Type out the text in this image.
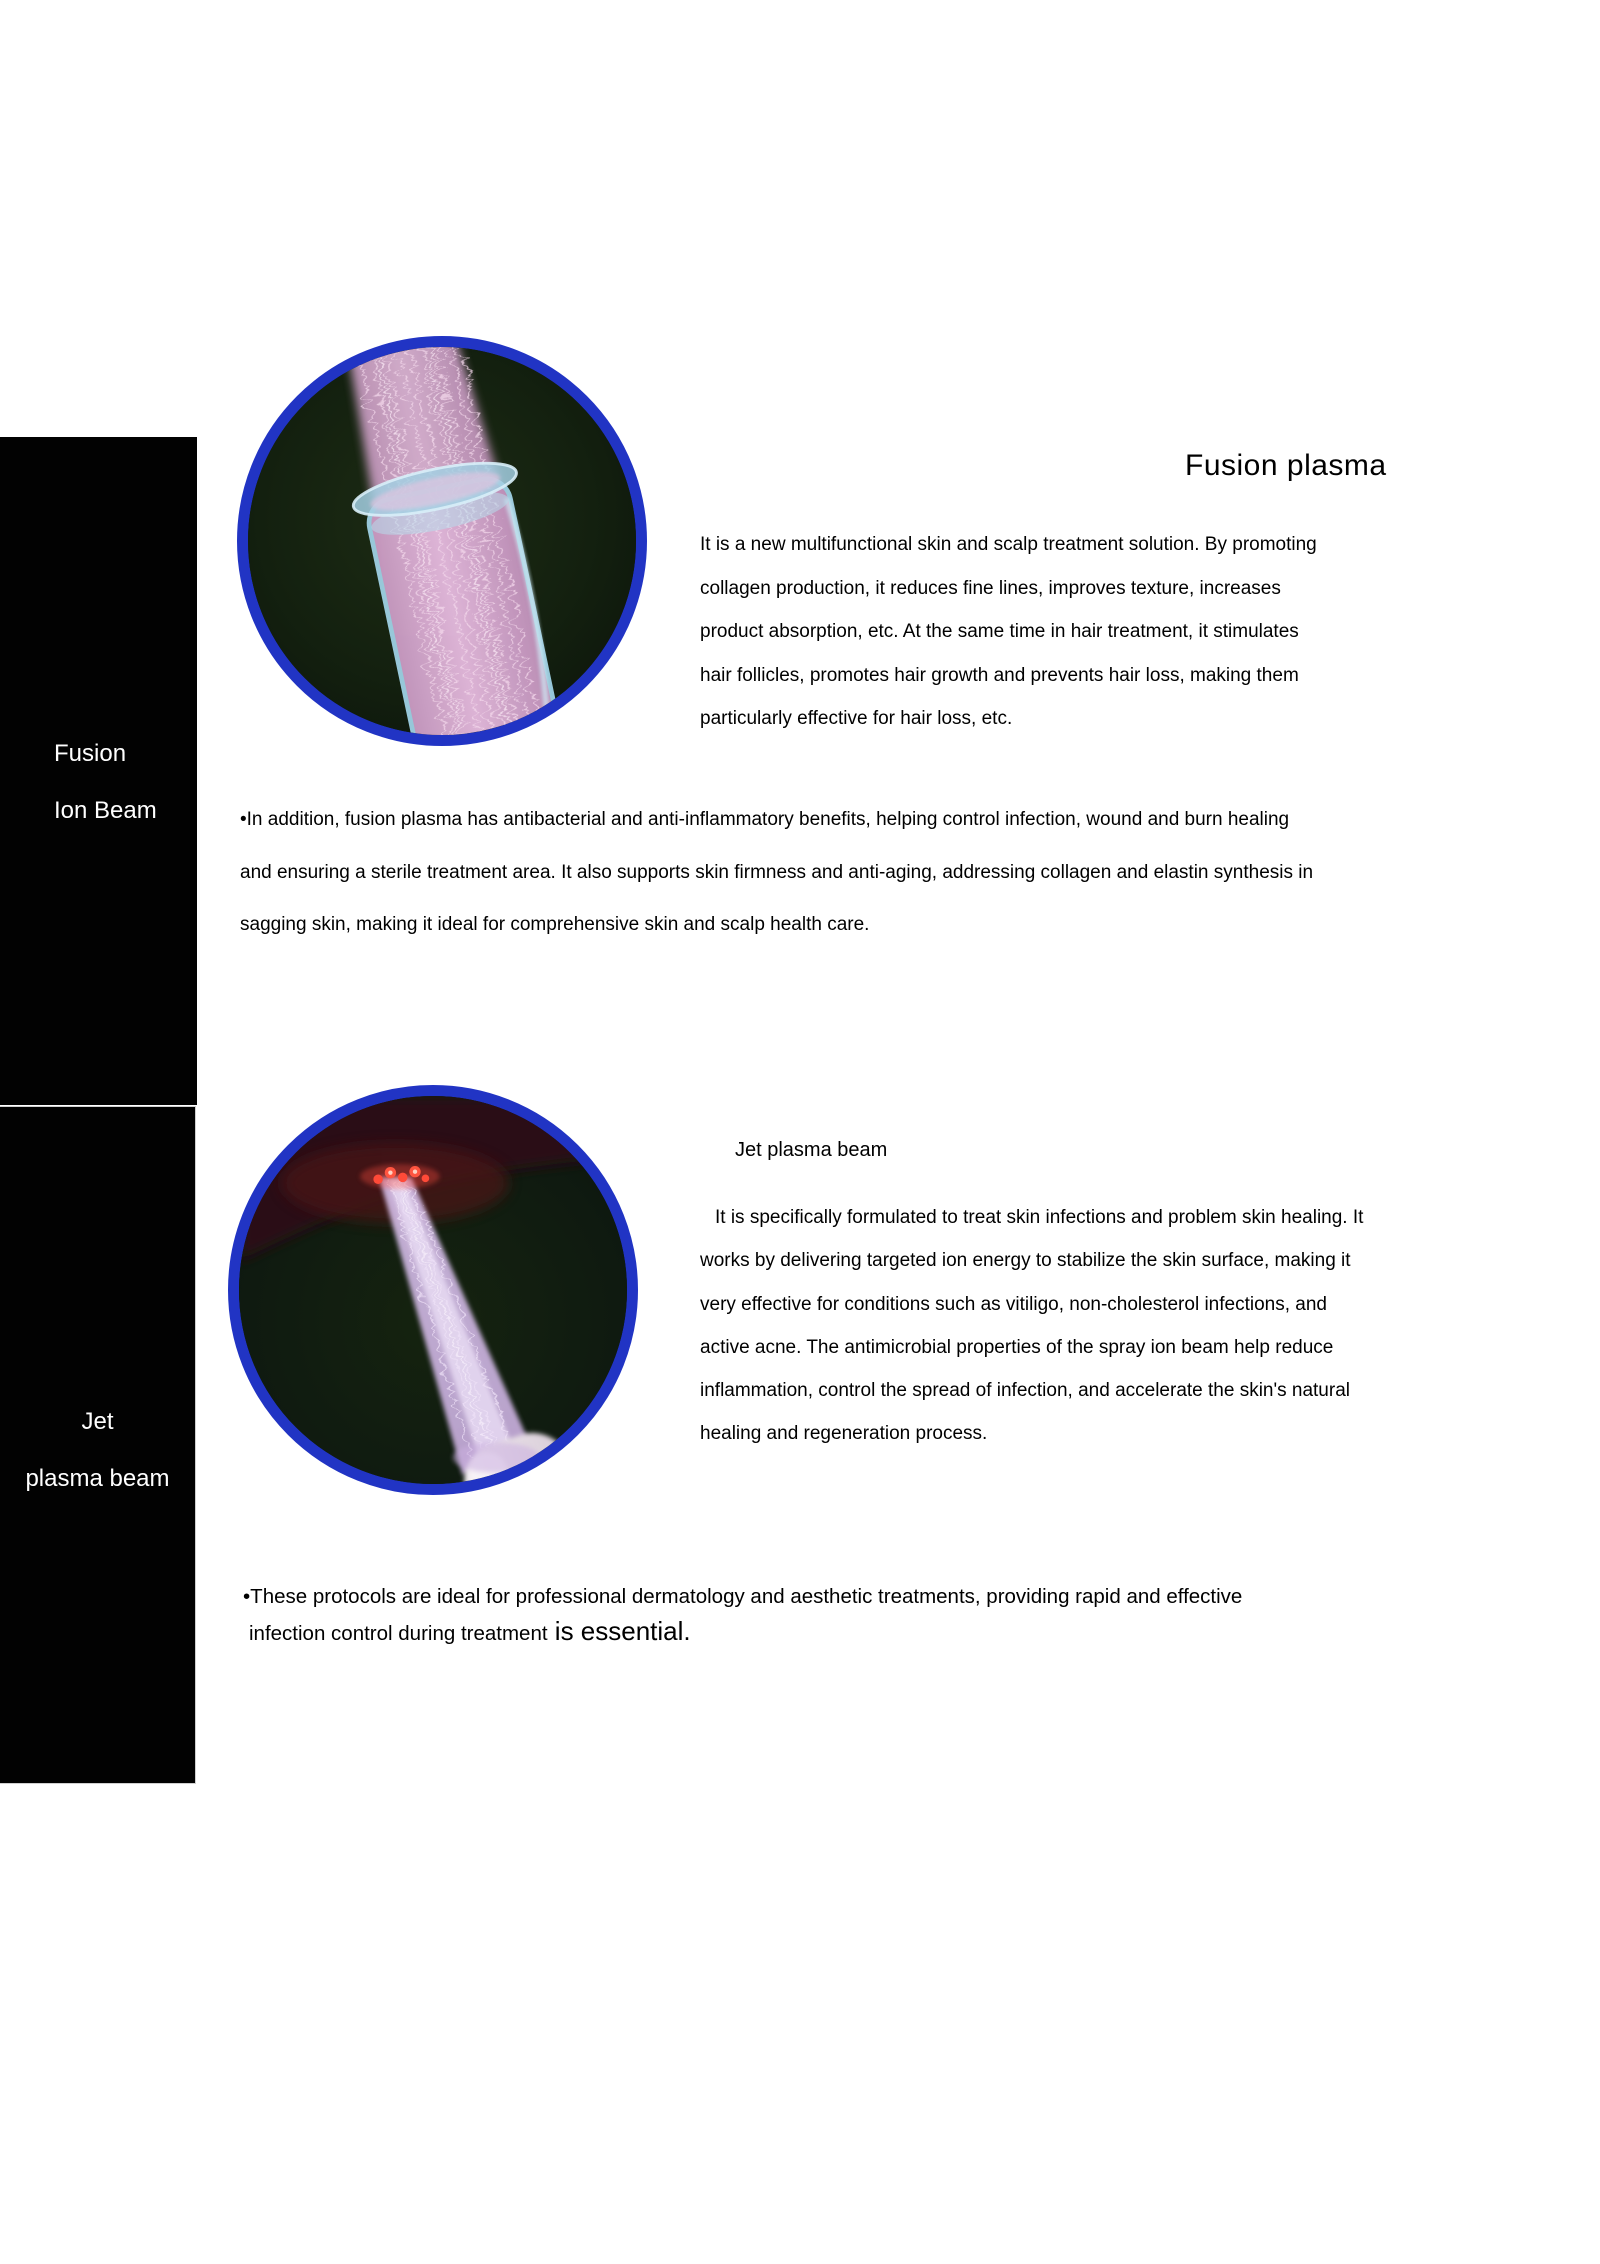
Fusion
Ion Beam
Jet
plasma beam
Fusion plasma
It is a new multifunctional skin and scalp treatment solution. By promoting
collagen production, it reduces fine lines, improves texture, increases
product absorption, etc. At the same time in hair treatment, it stimulates
hair follicles, promotes hair growth and prevents hair loss, making them
particularly effective for hair loss, etc.
•In addition, fusion plasma has antibacterial and anti-inflammatory benefits, helping control infection, wound and burn healing
and ensuring a sterile treatment area. It also supports skin firmness and anti-aging, addressing collagen and elastin synthesis in
sagging skin, making it ideal for comprehensive skin and scalp health care.
Jet plasma beam
It is specifically formulated to treat skin infections and problem skin healing. It
works by delivering targeted ion energy to stabilize the skin surface, making it
very effective for conditions such as vitiligo, non-cholesterol infections, and
active acne. The antimicrobial properties of the spray ion beam help reduce
inflammation, control the spread of infection, and accelerate the skin's natural
healing and regeneration process.
•These protocols are ideal for professional dermatology and aesthetic treatments, providing rapid and effective
infection control during treatment is essential.
